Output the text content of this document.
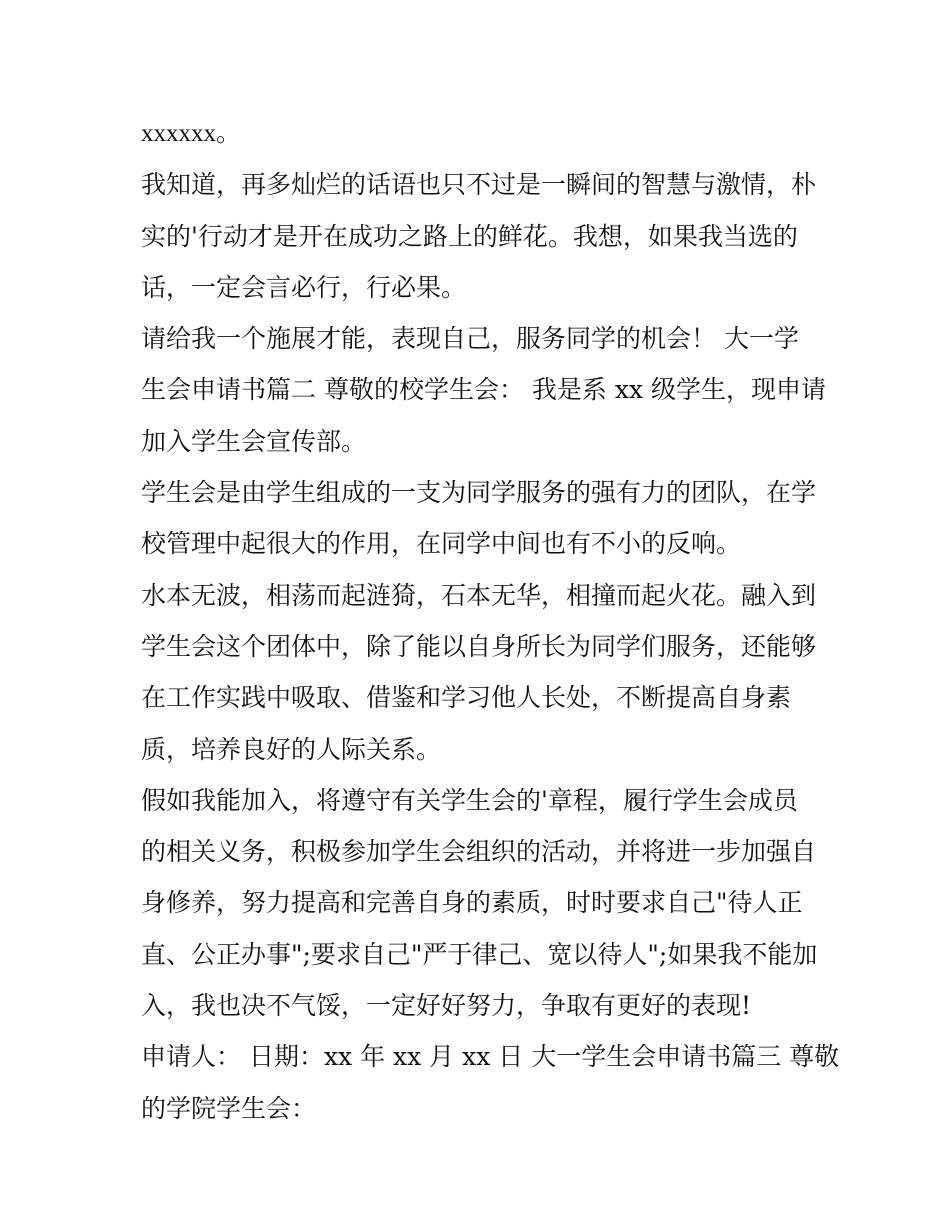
xxxxxx。
我知道，再多灿烂的话语也只不过是一瞬间的智慧与激情，朴
实的'行动才是开在成功之路上的鲜花。我想，如果我当选的
话，一定会言必行，行必果。
请给我一个施展才能，表现自己，服务同学的机会！ 大一学
生会申请书篇二 尊敬的校学生会： 我是系 xx 级学生，现申请
加入学生会宣传部。
学生会是由学生组成的一支为同学服务的强有力的团队，在学
校管理中起很大的作用，在同学中间也有不小的反响。
水本无波，相荡而起涟猗，石本无华，相撞而起火花。融入到
学生会这个团体中，除了能以自身所长为同学们服务，还能够
在工作实践中吸取、借鉴和学习他人长处，不断提高自身素
质，培养良好的人际关系。
假如我能加入，将遵守有关学生会的'章程，履行学生会成员
的相关义务，积极参加学生会组织的活动，并将进一步加强自
身修养，努力提高和完善自身的素质，时时要求自己"待人正
直、公正办事";要求自己"严于律己、宽以待人";如果我不能加
入，我也决不气馁，一定好好努力，争取有更好的表现!
申请人： 日期：xx 年 xx 月 xx 日 大一学生会申请书篇三 尊敬
的学院学生会：
